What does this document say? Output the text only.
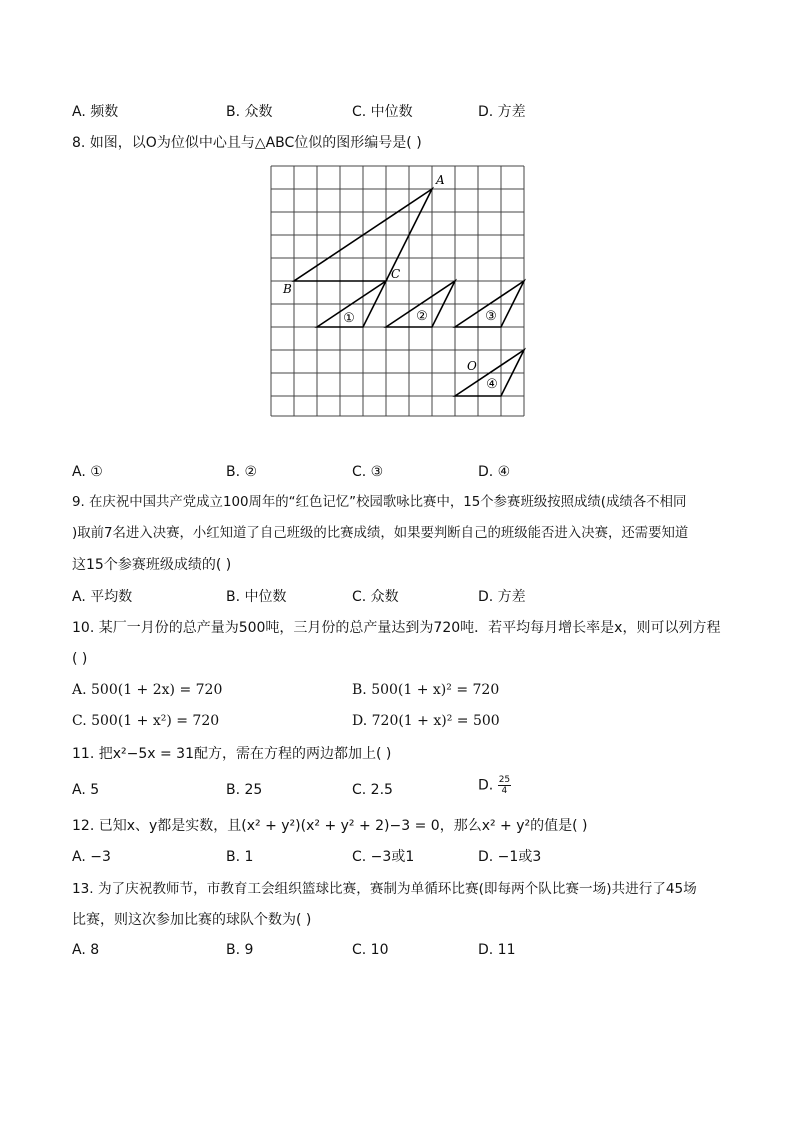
A. 频数	B. 众数	C. 中位数	D. 方差
8. 如图，以O为位似中心且与△ABC位似的图形编号是( )
A
B
C
O
①	②	③
④
A. ①	B. ②	C. ③	D. ④
9. 在庆祝中国共产党成立100周年的“红色记忆”校园歌咏比赛中，15个参赛班级按照成绩(成绩各不相同
)取前7名进入决赛，小红知道了自己班级的比赛成绩，如果要判断自己的班级能否进入决赛，还需要知道
这15个参赛班级成绩的( )
A. 平均数	B. 中位数	C. 众数	D. 方差
10. 某厂一月份的总产量为500吨，三月份的总产量达到为720吨．若平均每月增长率是x，则可以列方程
( )
A. 500(1 + 2x) = 720	B. 500(1 + x)² = 720
C. 500(1 + x²) = 720	D. 720(1 + x)² = 500
11. 把x²−5x = 31配方，需在方程的两边都加上( )
A. 5	B. 25	C. 2.5	D. $\frac{25}{4}$
12. 已知x、y都是实数，且(x² + y²)(x² + y² + 2)−3 = 0，那么x² + y²的值是( )
A. −3	B. 1	C. −3或1	D. −1或3
13. 为了庆祝教师节，市教育工会组织篮球比赛，赛制为单循环比赛(即每两个队比赛一场)共进行了45场
比赛，则这次参加比赛的球队个数为( )
A. 8	B. 9	C. 10	D. 11
